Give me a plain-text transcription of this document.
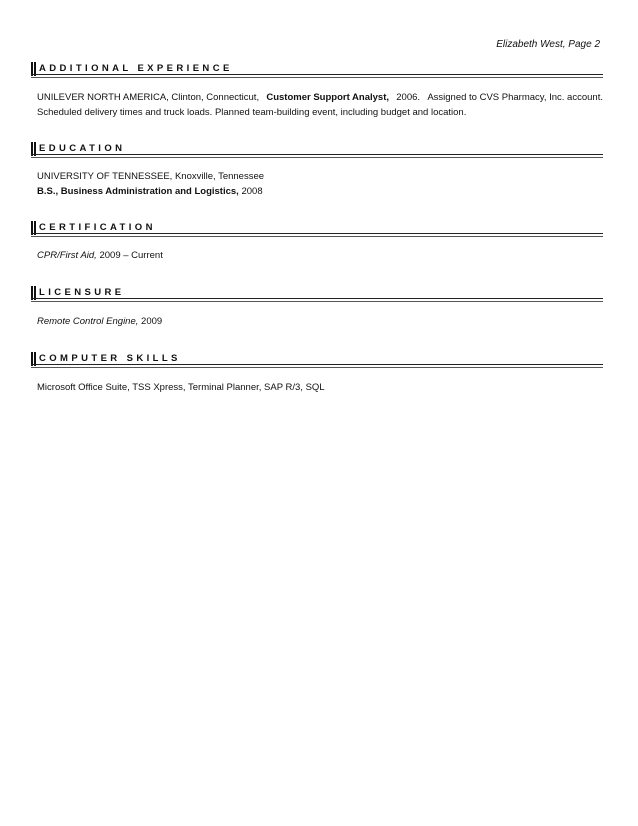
Elizabeth West, Page 2
ADDITIONAL EXPERIENCE
UNILEVER NORTH AMERICA, Clinton, Connecticut, Customer Support Analyst, 2006. Assigned to CVS Pharmacy, Inc. account.
Scheduled delivery times and truck loads. Planned team-building event, including budget and location.
EDUCATION
UNIVERSITY OF TENNESSEE, Knoxville, Tennessee
B.S., Business Administration and Logistics, 2008
CERTIFICATION
CPR/First Aid, 2009 – Current
LICENSURE
Remote Control Engine, 2009
COMPUTER SKILLS
Microsoft Office Suite, TSS Xpress, Terminal Planner, SAP R/3, SQL
